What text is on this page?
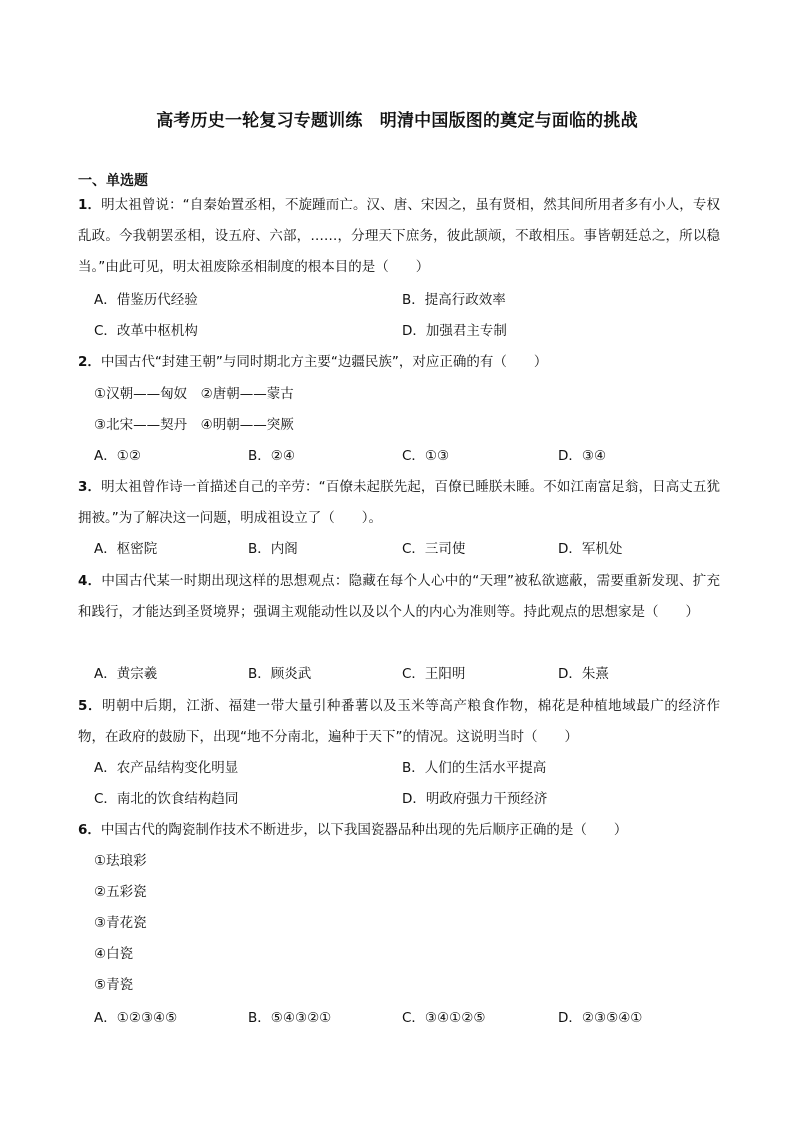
高考历史一轮复习专题训练　明清中国版图的奠定与面临的挑战
一、单选题
1．明太祖曾说：“自秦始置丞相，不旋踵而亡。汉、唐、宋因之，虽有贤相，然其间所用者多有小人，专权乱政。今我朝罢丞相，设五府、六部，……，分理天下庶务，彼此颉颃，不敢相压。事皆朝廷总之，所以稳当。”由此可见，明太祖废除丞相制度的根本目的是（　　）
A．借鉴历代经验	B．提高行政效率
C．改革中枢机构	D．加强君主专制
2．中国古代“封建王朝”与同时期北方主要“边疆民族”，对应正确的有（　　）
①汉朝——匈奴　②唐朝——蒙古
③北宋——契丹　④明朝——突厥
A．①②	B．②④	C．①③	D．③④
3．明太祖曾作诗一首描述自己的辛劳：“百僚未起朕先起，百僚已睡朕未睡。不如江南富足翁，日高丈五犹拥被。”为了解决这一问题，明成祖设立了（　　）。
A．枢密院	B．内阁	C．三司使	D．军机处
4．中国古代某一时期出现这样的思想观点：隐藏在每个人心中的“天理”被私欲遮蔽，需要重新发现、扩充和践行，才能达到圣贤境界；强调主观能动性以及以个人的内心为准则等。持此观点的思想家是（　　）
A．黄宗羲	B．顾炎武	C．王阳明	D．朱熹
5．明朝中后期，江浙、福建一带大量引种番薯以及玉米等高产粮食作物，棉花是种植地域最广的经济作物，在政府的鼓励下，出现“地不分南北，遍种于天下”的情况。这说明当时（　　）
A．农产品结构变化明显	B．人们的生活水平提高
C．南北的饮食结构趋同	D．明政府强力干预经济
6．中国古代的陶瓷制作技术不断进步，以下我国瓷器品种出现的先后顺序正确的是（　　）
①珐琅彩
②五彩瓷
③青花瓷
④白瓷
⑤青瓷
A．①②③④⑤	B．⑤④③②①	C．③④①②⑤	D．②③⑤④①
